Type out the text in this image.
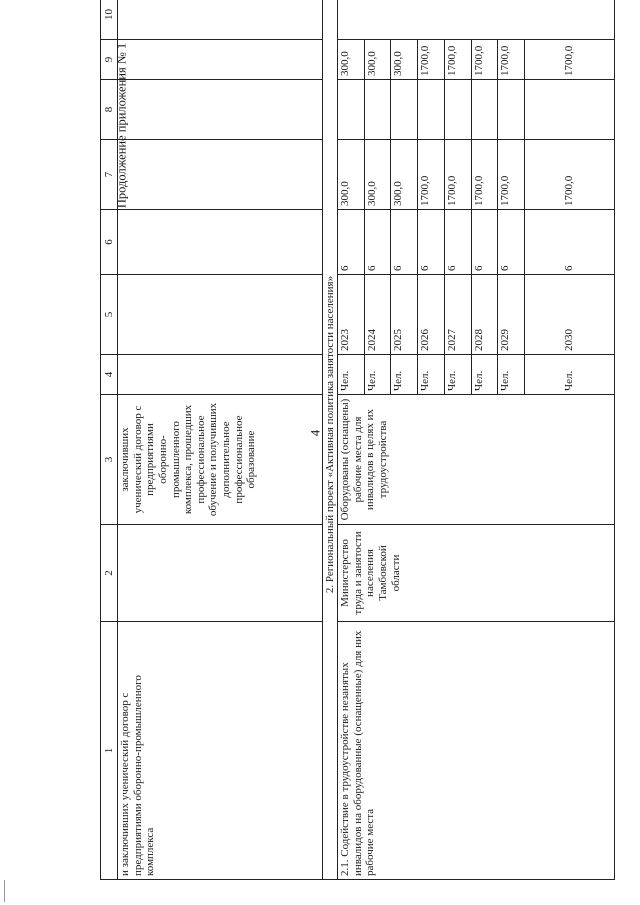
4
Продолжение приложения № 1
1	2	3	4	5	6	7	8	9	10
и заключивших ученический договор с предприятиями оборонно-промышленного комплекса		заключивших ученический договор с предприятиями оборонно-промышленного комплекса, прошедших профессиональное обучение и получивших дополнительное профессиональное образование							
2. Региональный проект «Активная политика занятости населения»									
2.1. Содействие в трудоустройстве незанятых инвалидов на оборудованные (оснащенные) для них рабочие места	Министерство труда и занятости населения Тамбовской области	Оборудованы (оснащены) рабочие места для инвалидов в целях их трудоустройства	Чел.	2023	6	300,0		300,0	
			Чел.	2024	6	300,0		300,0	
			Чел.	2025	6	300,0		300,0	
			Чел.	2026	6	1700,0		1700,0	
			Чел.	2027	6	1700,0		1700,0	
			Чел.	2028	6	1700,0		1700,0	
			Чел.	2029	6	1700,0		1700,0	
			Чел.	2030	6	1700,0		1700,0	
